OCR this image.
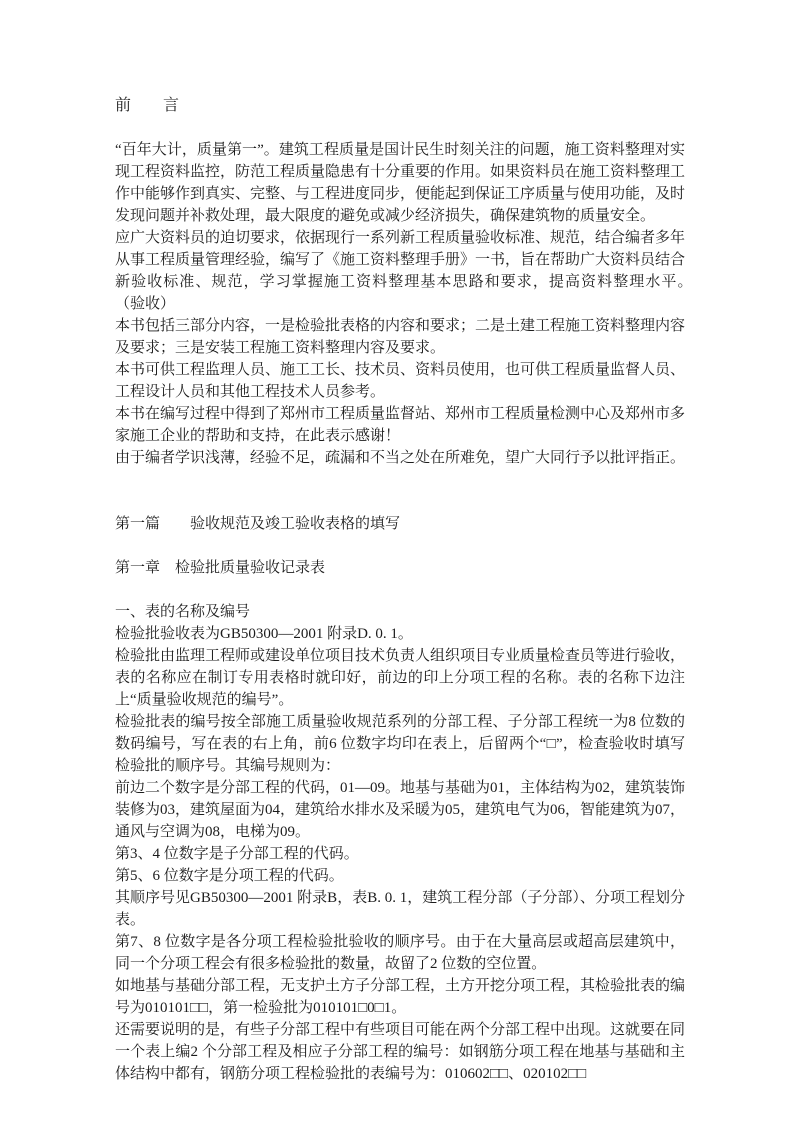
前　　言

“百年大计，质量第一”。建筑工程质量是国计民生时刻关注的问题，施工资料整理对实现工程资料监控，防范工程质量隐患有十分重要的作用。如果资料员在施工资料整理工作中能够作到真实、完整、与工程进度同步，便能起到保证工序质量与使用功能，及时发现问题并补救处理，最大限度的避免或减少经济损失，确保建筑物的质量安全。

应广大资料员的迫切要求，依据现行一系列新工程质量验收标准、规范，结合编者多年从事工程质量管理经验，编写了《施工资料整理手册》一书，旨在帮助广大资料员结合新验收标准、规范，学习掌握施工资料整理基本思路和要求，提高资料整理水平。　　　　　（验收）

本书包括三部分内容，一是检验批表格的内容和要求；二是土建工程施工资料整理内容及要求；三是安装工程施工资料整理内容及要求。

本书可供工程监理人员、施工工长、技术员、资料员使用，也可供工程质量监督人员、工程设计人员和其他工程技术人员参考。

本书在编写过程中得到了郑州市工程质量监督站、郑州市工程质量检测中心及郑州市多家施工企业的帮助和支持，在此表示感谢！

由于编者学识浅薄，经验不足，疏漏和不当之处在所难免，望广大同行予以批评指正。

第一篇　　验收规范及竣工验收表格的填写
第一章　检验批质量验收记录表
一、表的名称及编号

检验批验收表为GB50300—2001 附录D. 0. 1。

检验批由监理工程师或建设单位项目技术负责人组织项目专业质量检查员等进行验收，表的名称应在制订专用表格时就印好，前边的印上分项工程的名称。表的名称下边注上“质量验收规范的编号”。

检验批表的编号按全部施工质量验收规范系列的分部工程、子分部工程统一为8 位数的数码编号，写在表的右上角，前6 位数字均印在表上，后留两个“□”，检查验收时填写检验批的顺序号。其编号规则为：

前边二个数字是分部工程的代码，01—09。地基与基础为01，主体结构为02，建筑装饰装修为03，建筑屋面为04，建筑给水排水及采暖为05，建筑电气为06，智能建筑为07，通风与空调为08，电梯为09。

第3、4 位数字是子分部工程的代码。

第5、6 位数字是分项工程的代码。

其顺序号见GB50300—2001 附录B，表B. 0. 1，建筑工程分部（子分部）、分项工程划分表。

第7、8 位数字是各分项工程检验批验收的顺序号。由于在大量高层或超高层建筑中，同一个分项工程会有很多检验批的数量，故留了2 位数的空位置。

如地基与基础分部工程，无支护土方子分部工程，土方开挖分项工程，其检验批表的编号为010101□□，第一检验批为010101□0□1。

还需要说明的是，有些子分部工程中有些项目可能在两个分部工程中出现。这就要在同一个表上编2 个分部工程及相应子分部工程的编号：如钢筋分项工程在地基与基础和主体结构中都有，钢筋分项工程检验批的表编号为：010602□□、020102□□
